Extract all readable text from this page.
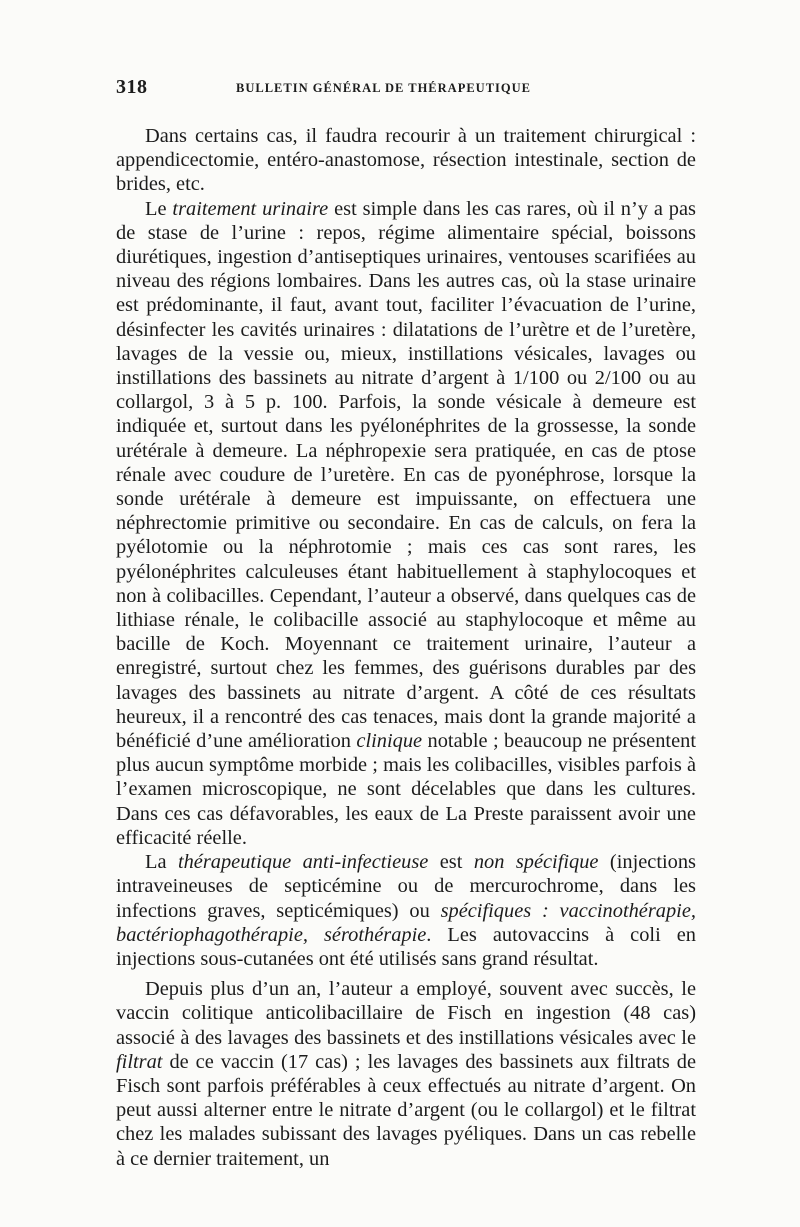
318	BULLETIN GÉNÉRAL DE THÉRAPEUTIQUE

Dans certains cas, il faudra recourir à un traitement chirurgical : appendicectomie, entéro-anastomose, résection intestinale, section de brides, etc.

Le traitement urinaire est simple dans les cas rares, où il n’y a pas de stase de l’urine : repos, régime alimentaire spécial, boissons diurétiques, ingestion d’antiseptiques urinaires, ventouses scarifiées au niveau des régions lombaires. Dans les autres cas, où la stase urinaire est prédominante, il faut, avant tout, faciliter l’évacuation de l’urine, désinfecter les cavités urinaires : dilatations de l’urètre et de l’uretère, lavages de la vessie ou, mieux, instillations vésicales, lavages ou instillations des bassinets au nitrate d’argent à 1/100 ou 2/100 ou au collargol, 3 à 5 p. 100. Parfois, la sonde vésicale à demeure est indiquée et, surtout dans les pyélonéphrites de la grossesse, la sonde urétérale à demeure. La néphropexie sera pratiquée, en cas de ptose rénale avec coudure de l’uretère. En cas de pyonéphrose, lorsque la sonde urétérale à demeure est impuissante, on effectuera une néphrectomie primitive ou secondaire. En cas de calculs, on fera la pyélotomie ou la néphrotomie ; mais ces cas sont rares, les pyélonéphrites calculeuses étant habituellement à staphylocoques et non à colibacilles. Cependant, l’auteur a observé, dans quelques cas de lithiase rénale, le colibacille associé au staphylocoque et même au bacille de Koch. Moyennant ce traitement urinaire, l’auteur a enregistré, surtout chez les femmes, des guérisons durables par des lavages des bassinets au nitrate d’argent. A côté de ces résultats heureux, il a rencontré des cas tenaces, mais dont la grande majorité a bénéficié d’une amélioration clinique notable ; beaucoup ne présentent plus aucun symptôme morbide ; mais les colibacilles, visibles parfois à l’examen microscopique, ne sont décelables que dans les cultures. Dans ces cas défavorables, les eaux de La Preste paraissent avoir une efficacité réelle.

La thérapeutique anti-infectieuse est non spécifique (injections intraveineuses de septicémine ou de mercurochrome, dans les infections graves, septicémiques) ou spécifiques : vaccinothérapie, bactériophagothérapie, sérothérapie. Les autovaccins à coli en injections sous-cutanées ont été utilisés sans grand résultat.

Depuis plus d’un an, l’auteur a employé, souvent avec succès, le vaccin colitique anticolibacillaire de Fisch en ingestion (48 cas) associé à des lavages des bassinets et des instillations vésicales avec le filtrat de ce vaccin (17 cas) ; les lavages des bassinets aux filtrats de Fisch sont parfois préférables à ceux effectués au nitrate d’argent. On peut aussi alterner entre le nitrate d’argent (ou le collargol) et le filtrat chez les malades subissant des lavages pyéliques. Dans un cas rebelle à ce dernier traitement, un
